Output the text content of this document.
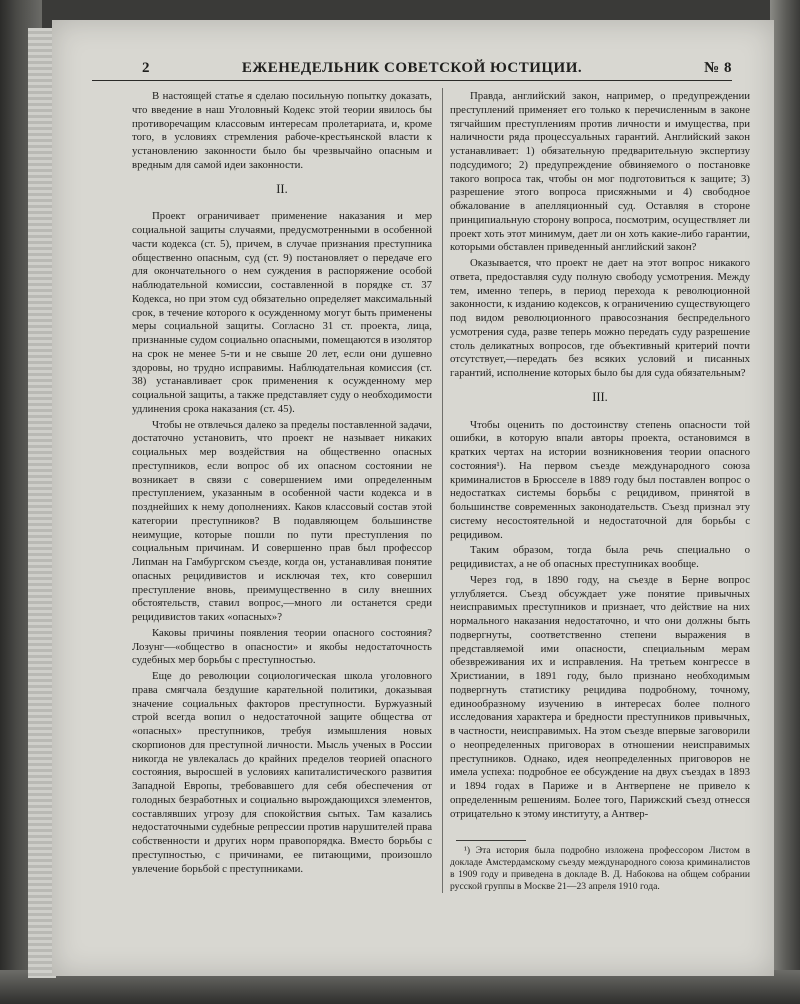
2	ЕЖЕНЕДЕЛЬНИК СОВЕТСКОЙ ЮСТИЦИИ.	№ 8

В настоящей статье я сделаю посильную попытку доказать, что введение в наш Уголовный Кодекс этой теории явилось бы противоречащим классовым интересам пролетариата, и, кроме того, в условиях стремления рабоче-крестьянской власти к установлению законности было бы чрезвычайно опасным и вредным для самой идеи законности.

II.

Проект ограничивает применение наказания и мер социальной защиты случаями, предусмотренными в особенной части кодекса (ст. 5), причем, в случае признания преступника общественно опасным, суд (ст. 9) постановляет о передаче его для окончательного о нем суждения в распоряжение особой наблюдательной комиссии, составленной в порядке ст. 37 Кодекса, но при этом суд обязательно определяет максимальный срок, в течение которого к осужденному могут быть применены меры социальной защиты. Согласно 31 ст. проекта, лица, признанные судом социально опасными, помещаются в изолятор на срок не менее 5-ти и не свыше 20 лет, если они душевно здоровы, но трудно исправимы. Наблюдательная комиссия (ст. 38) устанавливает срок применения к осужденному мер социальной защиты, а также представляет суду о необходимости удлинения срока наказания (ст. 45).

Чтобы не отвлечься далеко за пределы поставленной задачи, достаточно установить, что проект не называет никаких социальных мер воздействия на общественно опасных преступников, если вопрос об их опасном состоянии не возникает в связи с совершением ими определенным преступлением, указанным в особенной части кодекса и в позднейших к нему дополнениях. Каков классовый состав этой категории преступников? В подавляющем большинстве неимущие, которые пошли по пути преступления по социальным причинам. И совершенно прав был профессор Липман на Гамбургском съезде, когда он, устанавливая понятие опасных рецидивистов и исключая тех, кто совершил преступление вновь, преимущественно в силу внешних обстоятельств, ставил вопрос,—много ли останется среди рецидивистов таких «опасных»?

Каковы причины появления теории опасного состояния? Лозунг—«общество в опасности» и якобы недостаточность судебных мер борьбы с преступностью.

Еще до революции социологическая школа уголовного права смягчала бездушие карательной политики, доказывая значение социальных факторов преступности. Буржуазный строй всегда вопил о недостаточной защите общества от «опасных» преступников, требуя измышления новых скорпионов для преступной личности. Мысль ученых в России никогда не увлекалась до крайних пределов теорией опасного состояния, выросшей в условиях капиталистического развития Западной Европы, требовавшего для себя обеспечения от голодных безработных и социально вырождающихся элементов, составлявших угрозу для спокойствия сытых. Там казались недостаточными судебные репрессии против нарушителей права собственности и других норм правопорядка. Вместо борьбы с преступностью, с причинами, ее питающими, произошло увлечение борьбой с преступниками.

Правда, английский закон, например, о предупреждении преступлений применяет его только к перечисленным в законе тягчайшим преступлениям против личности и имущества, при наличности ряда процессуальных гарантий. Английский закон устанавливает: 1) обязательную предварительную экспертизу подсудимого; 2) предупреждение обвиняемого о постановке такого вопроса так, чтобы он мог подготовиться к защите; 3) разрешение этого вопроса присяжными и 4) свободное обжалование в апелляционный суд. Оставляя в стороне принципиальную сторону вопроса, посмотрим, осуществляет ли проект хоть этот минимум, дает ли он хоть какие-либо гарантии, которыми обставлен приведенный английский закон?

Оказывается, что проект не дает на этот вопрос никакого ответа, предоставляя суду полную свободу усмотрения. Между тем, именно теперь, в период перехода к революционной законности, к изданию кодексов, к ограничению существующего под видом революционного правосознания беспредельного усмотрения суда, разве теперь можно передать суду разрешение столь деликатных вопросов, где объективный критерий почти отсутствует,—передать без всяких условий и писанных гарантий, исполнение которых было бы для суда обязательным?

III.

Чтобы оценить по достоинству степень опасности той ошибки, в которую впали авторы проекта, остановимся в кратких чертах на истории возникновения теории опасного состояния¹). На первом съезде международного союза криминалистов в Брюсселе в 1889 году был поставлен вопрос о недостатках системы борьбы с рецидивом, принятой в большинстве современных законодательств. Съезд признал эту систему несостоятельной и недостаточной для борьбы с рецидивом.

Таким образом, тогда была речь специально о рецидивистах, а не об опасных преступниках вообще.

Через год, в 1890 году, на съезде в Берне вопрос углубляется. Съезд обсуждает уже понятие привычных неисправимых преступников и признает, что действие на них нормального наказания недостаточно, и что они должны быть подвергнуты, соответственно степени выражения в представляемой ими опасности, специальным мерам обезвреживания их и исправления. На третьем конгрессе в Христиании, в 1891 году, было признано необходимым подвергнуть статистику рецидива подробному, точному, единообразному изучению в интересах более полного исследования характера и бредности преступников привычных, в частности, неисправимых. На этом съезде впервые заговорили о неопределенных приговорах в отношении неисправимых преступников. Однако, идея неопределенных приговоров не имела успеха: подробное ее обсуждение на двух съездах в 1893 и 1894 годах в Париже и в Антверпене не привело к определенным решениям. Более того, Парижский съезд отнесся отрицательно к этому институту, а Антвер-

¹) Эта история была подробно изложена профессором Листом в докладе Амстердамскому съезду международного союза криминалистов в 1909 году и приведена в докладе В. Д. Набокова на общем собрании русской группы в Москве 21—23 апреля 1910 года.
